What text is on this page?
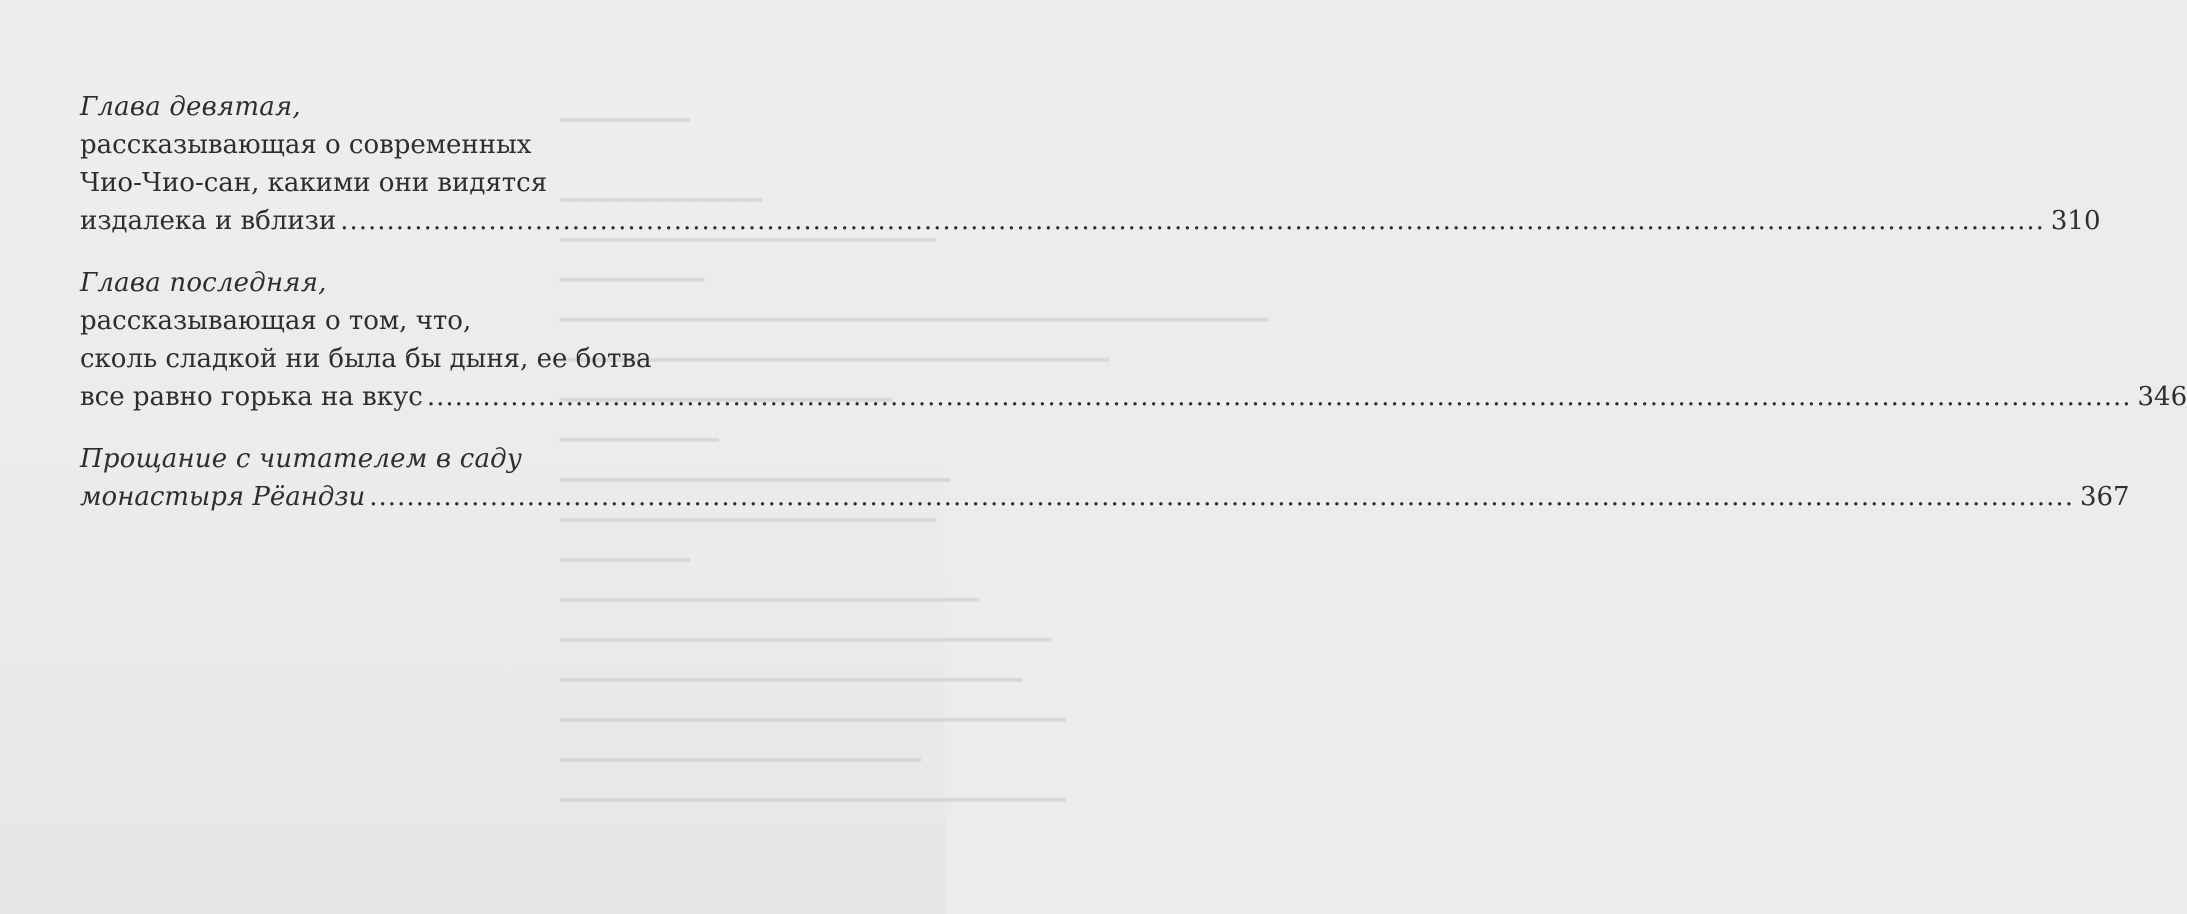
━━━━━━━━━

━━━━━━━━━━━━━━
━━━━━━━━━━━━━━━━━━━━━━━━━━
━━━━━━━━━━
━━━━━━━━━━━━━━━━━━━━━━━━━━━━━━━━━━━━━━━━━━━━━━━━━
━━━━━━━━━━━━━━━━━━━━━━━━━━━━━━━━━━━━━━
━━━━━━━━━━━━━━━━━━━━━━━
━━━━━━━━━━━
━━━━━━━━━━━━━━━━━━━━━━━━━━━
━━━━━━━━━━━━━━━━━━━━━━━━━━
━━━━━━━━━
━━━━━━━━━━━━━━━━━━━━━━━━━━━━━
━━━━━━━━━━━━━━━━━━━━━━━━━━━━━━━━━━
━━━━━━━━━━━━━━━━━━━━━━━━━━━━━━━━
━━━━━━━━━━━━━━━━━━━━━━━━━━━━━━━━━━━
━━━━━━━━━━━━━━━━━━━━━━━━━
━━━━━━━━━━━━━━━━━━━━━━━━━━━━━━━━━━━
Глава девятая,
рассказывающая о современных
Чио-Чио-сан, какими они видятся
издалека и вблизи .....	310
Глава последняя,
рассказывающая о том, что,
сколь сладкой ни была бы дыня, ее ботва
все равно горька на вкус .....	346
Прощание с читателем в саду
монастыря Рёандзи .....	367
